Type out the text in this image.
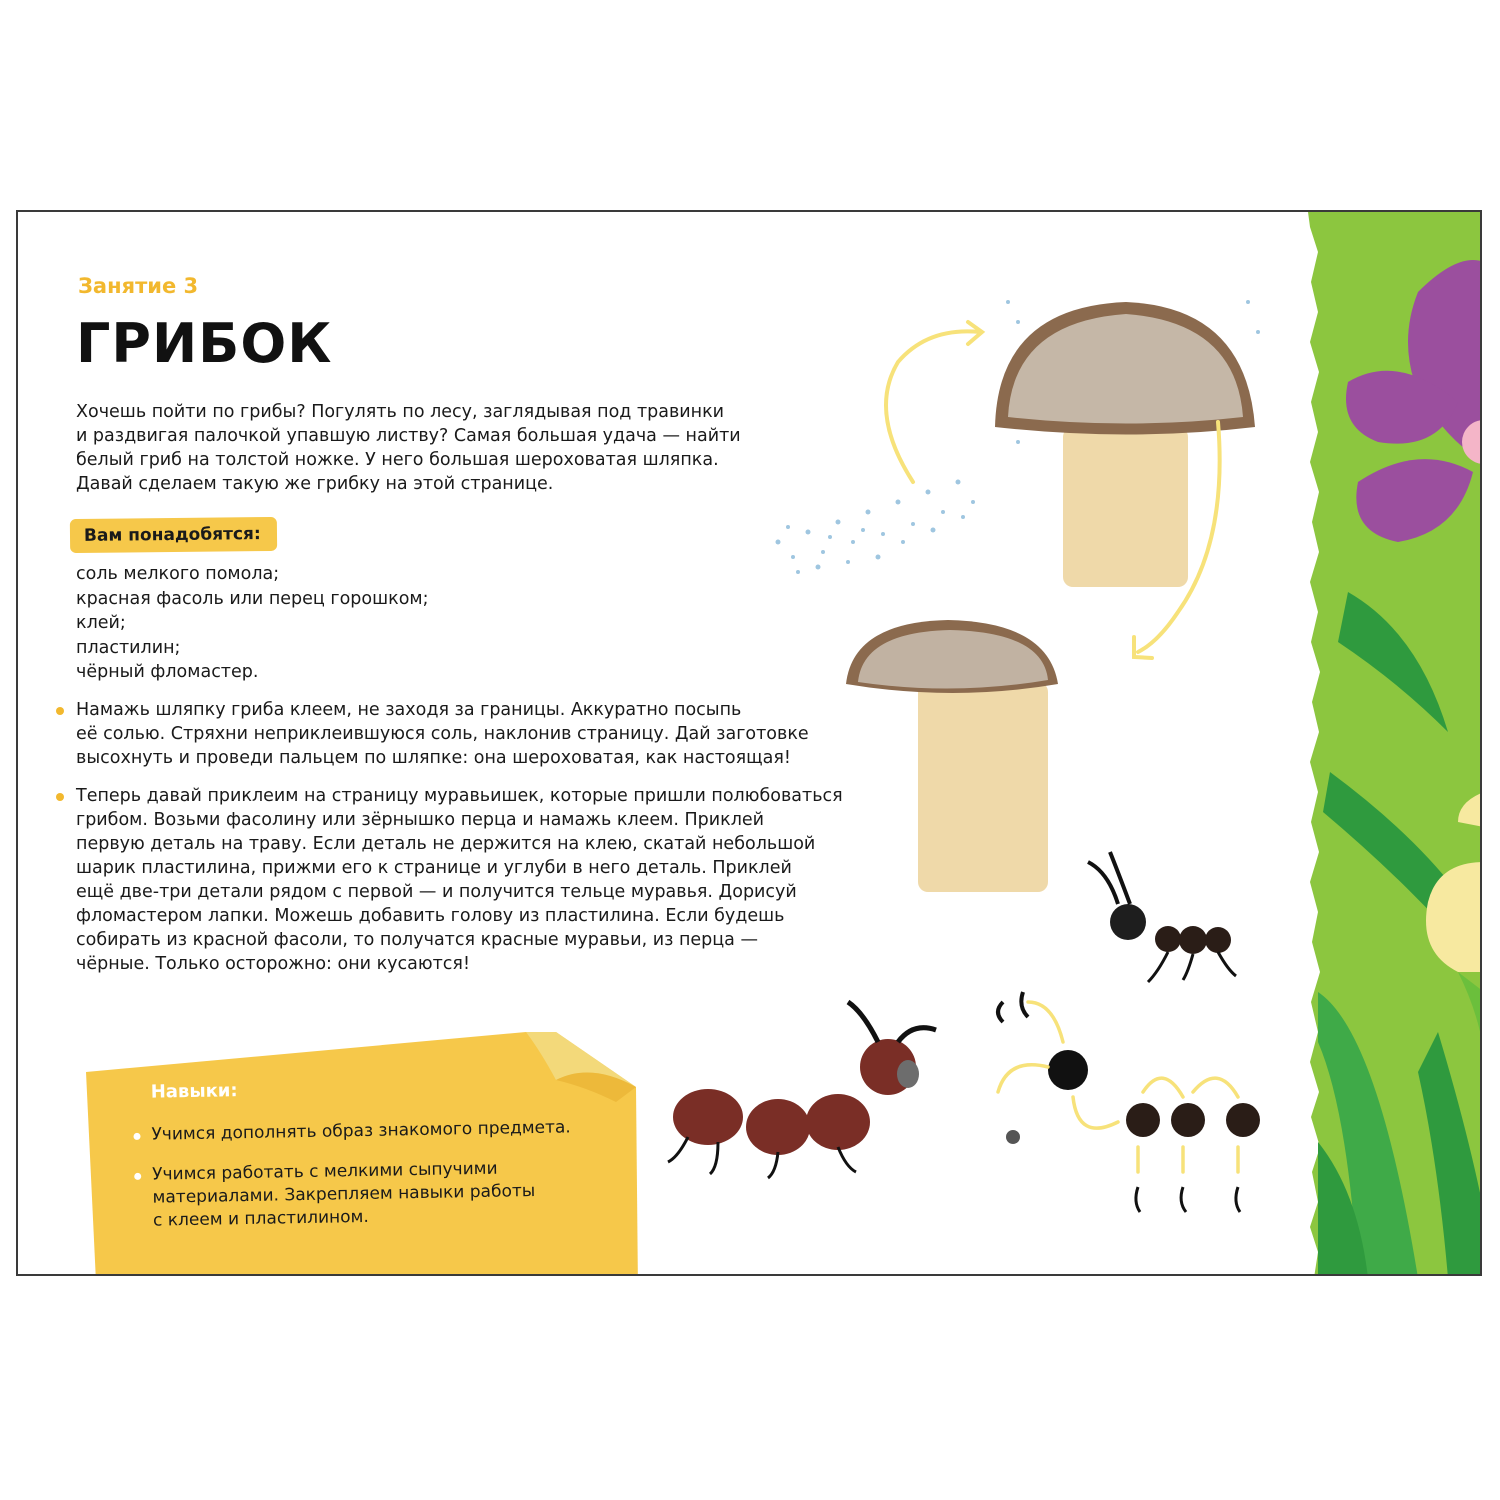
Занятие 3
ГРИБОК

Хочешь пойти по грибы? Погулять по лесу, заглядывая под травинки

и раздвигая палочкой упавшую листву? Самая большая удача — найти

белый гриб на толстой ножке. У него большая шероховатая шляпка.

Давай сделаем такую же грибку на этой странице.

Вам понадобятся:
соль мелкого помола;
красная фасоль или перец горошком;
клей;
пластилин;
чёрный фломастер.

Намажь шляпку гриба клеем, не заходя за границы. Аккуратно посыпь

её солью. Стряхни неприклеившуюся соль, наклонив страницу. Дай заготовке

высохнуть и проведи пальцем по шляпке: она шероховатая, как настоящая!

Теперь давай приклеим на страницу муравьишек, которые пришли полюбоваться

грибом. Возьми фасолину или зёрнышко перца и намажь клеем. Приклей

первую деталь на траву. Если деталь не держится на клею, скатай небольшой

шарик пластилина, прижми его к странице и углуби в него деталь. Приклей

ещё две-три детали рядом с первой — и получится тельце муравья. Дорисуй

фломастером лапки. Можешь добавить голову из пластилина. Если будешь

собирать из красной фасоли, то получатся красные муравьи, из перца —

чёрные. Только осторожно: они кусаются!

Навыки:

Учимся дополнять образ знакомого предмета.

Учимся работать с мелкими сыпучими

материалами. Закрепляем навыки работы

с клеем и пластилином.
